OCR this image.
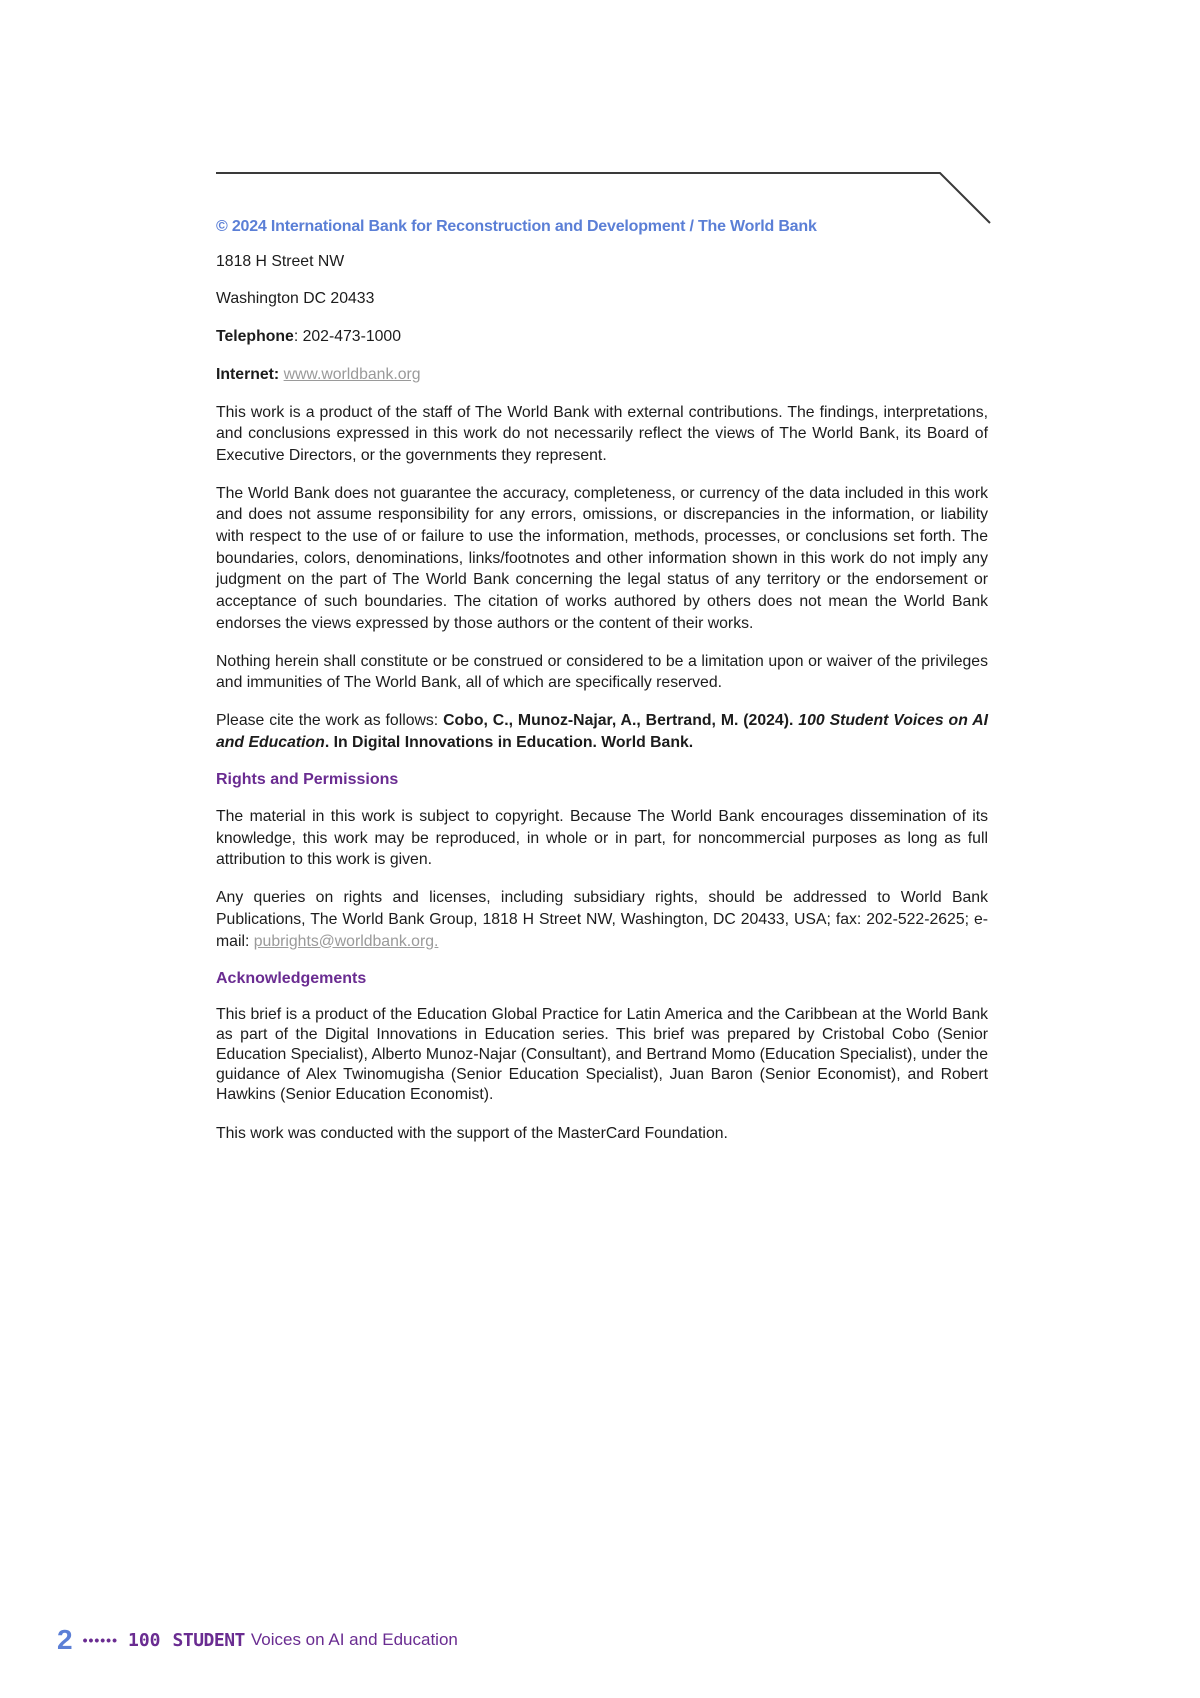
© 2024 International Bank for Reconstruction and Development / The World Bank

1818 H Street NW

Washington DC 20433

Telephone: 202-473-1000

Internet: www.worldbank.org

This work is a product of the staff of The World Bank with external contributions. The findings, interpretations, and conclusions expressed in this work do not necessarily reflect the views of The World Bank, its Board of Executive Directors, or the governments they represent.

The World Bank does not guarantee the accuracy, completeness, or currency of the data included in this work and does not assume responsibility for any errors, omissions, or discrepancies in the information, or liability with respect to the use of or failure to use the information, methods, processes, or conclusions set forth. The boundaries, colors, denominations, links/footnotes and other information shown in this work do not imply any judgment on the part of The World Bank concerning the legal status of any territory or the endorsement or acceptance of such boundaries. The citation of works authored by others does not mean the World Bank endorses the views expressed by those authors or the content of their works.

Nothing herein shall constitute or be construed or considered to be a limitation upon or waiver of the privileges and immunities of The World Bank, all of which are specifically reserved.

Please cite the work as follows: Cobo, C., Munoz-Najar, A., Bertrand, M. (2024). 100 Student Voices on AI and Education. In Digital Innovations in Education. World Bank.

Rights and Permissions

The material in this work is subject to copyright. Because The World Bank encourages dissemination of its knowledge, this work may be reproduced, in whole or in part, for noncommercial purposes as long as full attribution to this work is given.

Any queries on rights and licenses, including subsidiary rights, should be addressed to World Bank Publications, The World Bank Group, 1818 H Street NW, Washington, DC 20433, USA; fax: 202-522-2625; e-mail: pubrights@worldbank.org.

Acknowledgements

This brief is a product of the Education Global Practice for Latin America and the Caribbean at the World Bank as part of the Digital Innovations in Education series. This brief was prepared by Cristobal Cobo (Senior Education Specialist), Alberto Munoz-Najar (Consultant), and Bertrand Momo (Education Specialist), under the guidance of Alex Twinomugisha (Senior Education Specialist), Juan Baron (Senior Economist), and Robert Hawkins (Senior Education Economist).

This work was conducted with the support of the MasterCard Foundation.

2 •••••• 100 STUDENT Voices on AI and Education
